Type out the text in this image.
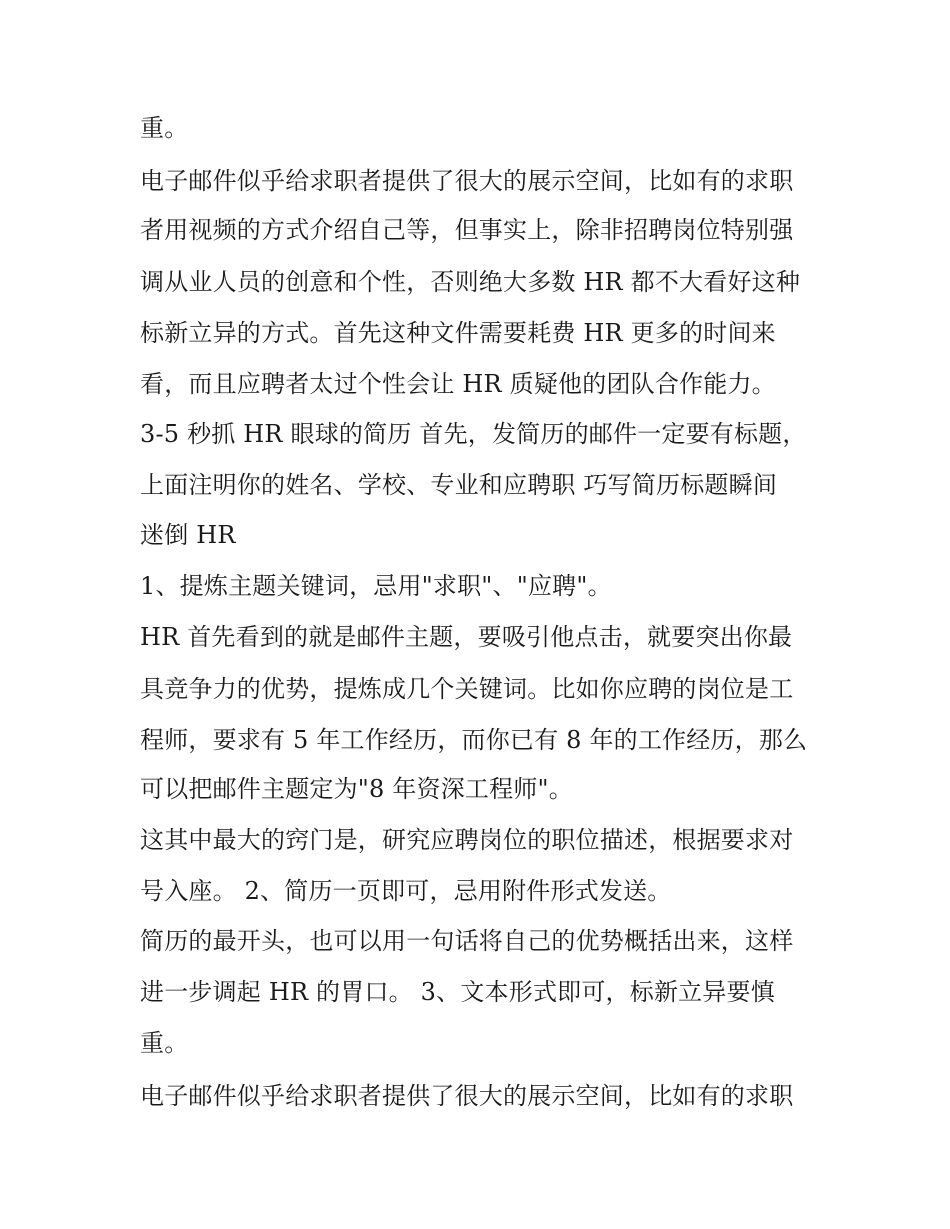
重。
电子邮件似乎给求职者提供了很大的展示空间，比如有的求职
者用视频的方式介绍自己等，但事实上，除非招聘岗位特别强
调从业人员的创意和个性，否则绝大多数 HR 都不大看好这种
标新立异的方式。首先这种文件需要耗费 HR 更多的时间来
看，而且应聘者太过个性会让 HR 质疑他的团队合作能力。
3-5 秒抓 HR 眼球的简历 首先，发简历的邮件一定要有标题，
上面注明你的姓名、学校、专业和应聘职 巧写简历标题瞬间
迷倒 HR
1、提炼主题关键词，忌用"求职"、"应聘"。
HR 首先看到的就是邮件主题，要吸引他点击，就要突出你最
具竞争力的优势，提炼成几个关键词。比如你应聘的岗位是工
程师，要求有 5 年工作经历，而你已有 8 年的工作经历，那么
可以把邮件主题定为"8 年资深工程师"。
这其中最大的窍门是，研究应聘岗位的职位描述，根据要求对
号入座。 2、简历一页即可，忌用附件形式发送。
简历的最开头，也可以用一句话将自己的优势概括出来，这样
进一步调起 HR 的胃口。 3、文本形式即可，标新立异要慎
重。
电子邮件似乎给求职者提供了很大的展示空间，比如有的求职
